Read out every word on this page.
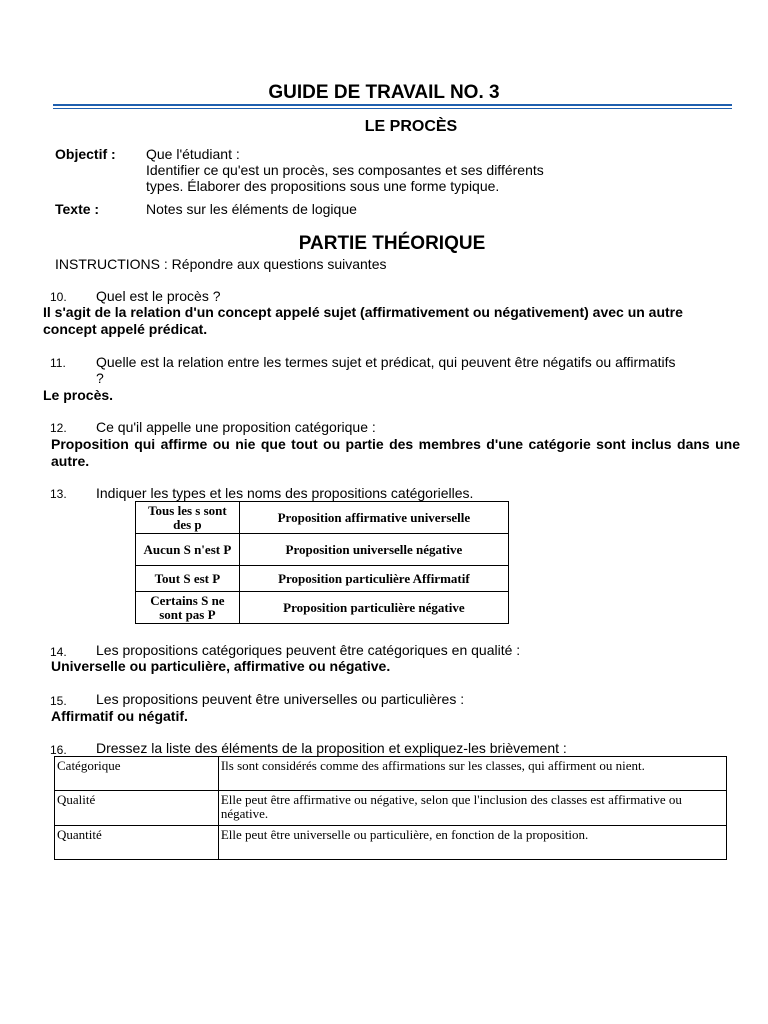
GUIDE DE TRAVAIL NO. 3
LE PROCÈS
Objectif : Que l'étudiant :
Identifier ce qu'est un procès, ses composantes et ses différents
types. Élaborer des propositions sous une forme typique.
Texte :	Notes sur les éléments de logique
PARTIE THÉORIQUE
INSTRUCTIONS : Répondre aux questions suivantes
10. Quel est le procès ?
Il s'agit de la relation d'un concept appelé sujet (affirmativement ou négativement) avec un autre concept appelé prédicat.
11. Quelle est la relation entre les termes sujet et prédicat, qui peuvent être négatifs ou affirmatifs ?
Le procès.
12. Ce qu'il appelle une proposition catégorique :
Proposition qui affirme ou nie que tout ou partie des membres d'une catégorie sont inclus dans une autre.
13. Indiquer les types et les noms des propositions catégorielles.
Tous les s sont des p	Proposition affirmative universelle
Aucun S n'est P	Proposition universelle négative
Tout S est P	Proposition particulière Affirmatif
Certains S ne sont pas P	Proposition particulière négative
14. Les propositions catégoriques peuvent être catégoriques en qualité :
Universelle ou particulière, affirmative ou négative.
15. Les propositions peuvent être universelles ou particulières :
Affirmatif ou négatif.
16. Dressez la liste des éléments de la proposition et expliquez-les brièvement :
Catégorique	Ils sont considérés comme des affirmations sur les classes, qui affirment ou nient.
Qualité	Elle peut être affirmative ou négative, selon que l'inclusion des classes est affirmative ou négative.
Quantité	Elle peut être universelle ou particulière, en fonction de la proposition.
